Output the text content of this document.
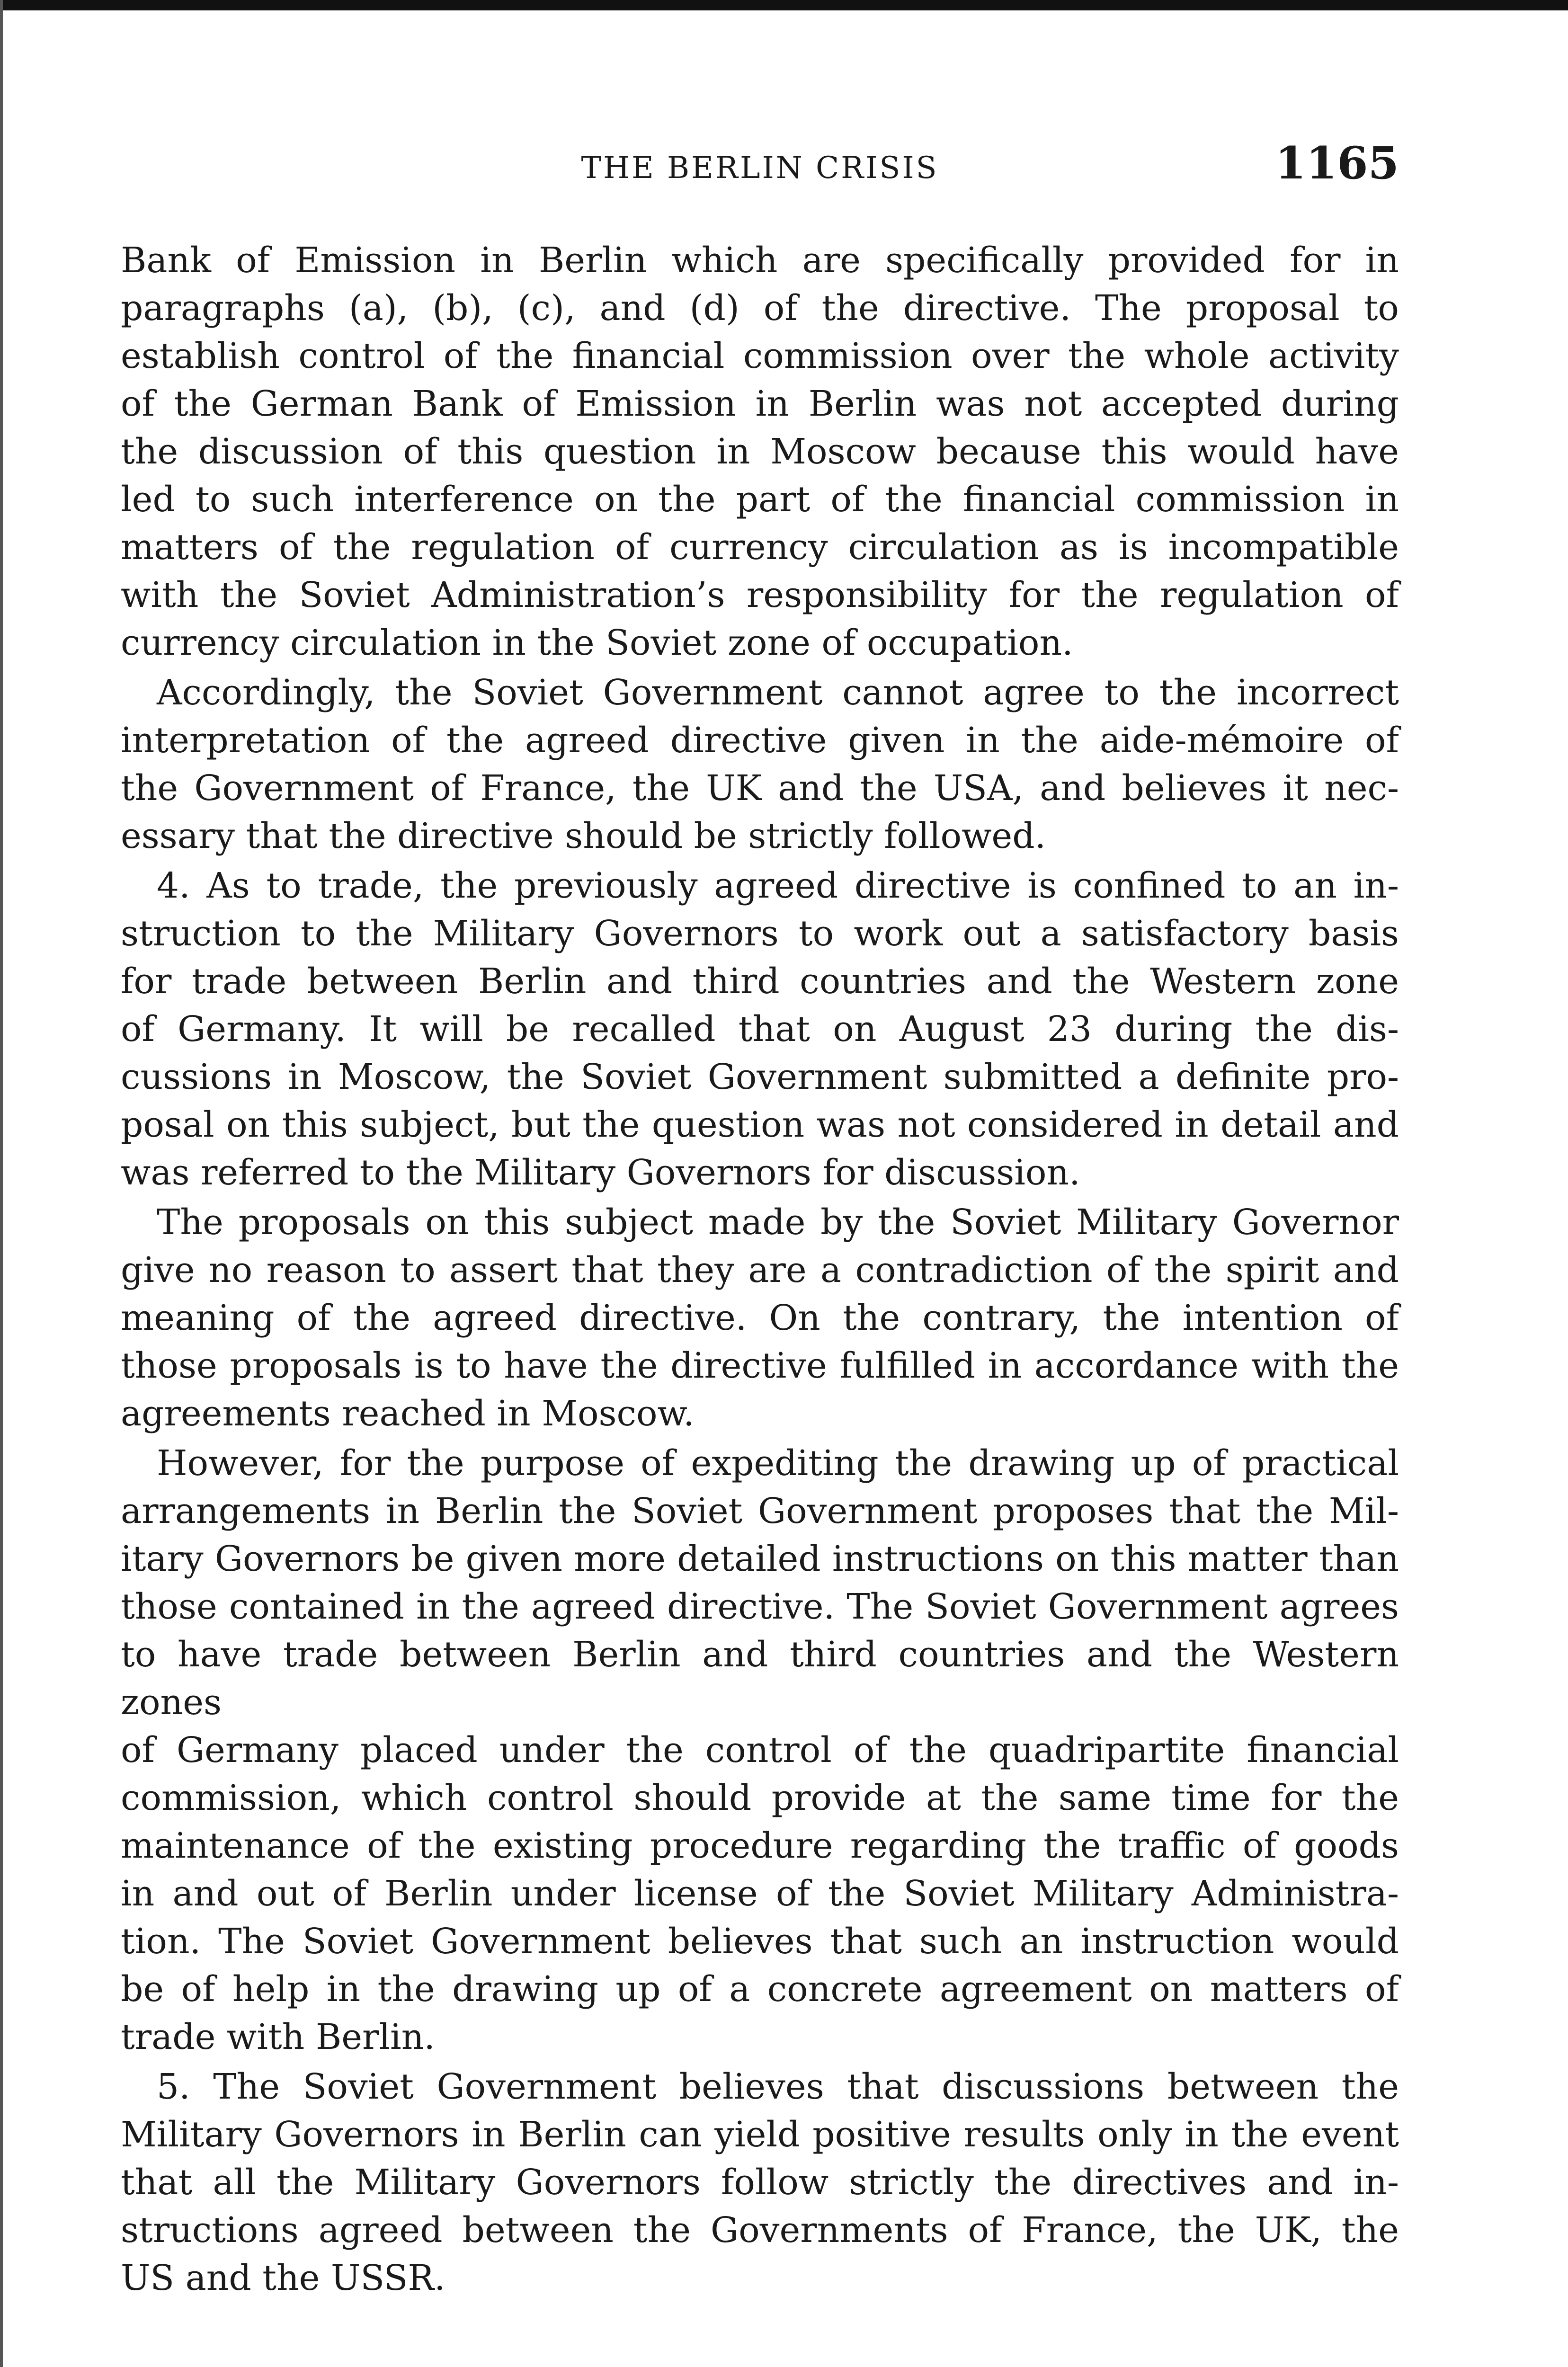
THE BERLIN CRISIS	1165
Bank of Emission in Berlin which are specifically provided for in
paragraphs (a), (b), (c), and (d) of the directive. The proposal to
establish control of the financial commission over the whole activity
of the German Bank of Emission in Berlin was not accepted during
the discussion of this question in Moscow because this would have
led to such interference on the part of the financial commission in
matters of the regulation of currency circulation as is incompatible
with the Soviet Administration’s responsibility for the regulation of
currency circulation in the Soviet zone of occupation.
Accordingly, the Soviet Government cannot agree to the incorrect
interpretation of the agreed directive given in the aide-mémoire of
the Government of France, the UK and the USA, and believes it nec-
essary that the directive should be strictly followed.
4. As to trade, the previously agreed directive is confined to an in-
struction to the Military Governors to work out a satisfactory basis
for trade between Berlin and third countries and the Western zone
of Germany. It will be recalled that on August 23 during the dis-
cussions in Moscow, the Soviet Government submitted a definite pro-
posal on this subject, but the question was not considered in detail and
was referred to the Military Governors for discussion.
The proposals on this subject made by the Soviet Military Governor
give no reason to assert that they are a contradiction of the spirit and
meaning of the agreed directive. On the contrary, the intention of
those proposals is to have the directive fulfilled in accordance with the
agreements reached in Moscow.
However, for the purpose of expediting the drawing up of practical
arrangements in Berlin the Soviet Government proposes that the Mil-
itary Governors be given more detailed instructions on this matter than
those contained in the agreed directive. The Soviet Government agrees
to have trade between Berlin and third countries and the Western zones
of Germany placed under the control of the quadripartite financial
commission, which control should provide at the same time for the
maintenance of the existing procedure regarding the traffic of goods
in and out of Berlin under license of the Soviet Military Administra-
tion. The Soviet Government believes that such an instruction would
be of help in the drawing up of a concrete agreement on matters of
trade with Berlin.
5. The Soviet Government believes that discussions between the
Military Governors in Berlin can yield positive results only in the event
that all the Military Governors follow strictly the directives and in-
structions agreed between the Governments of France, the UK, the
US and the USSR.
